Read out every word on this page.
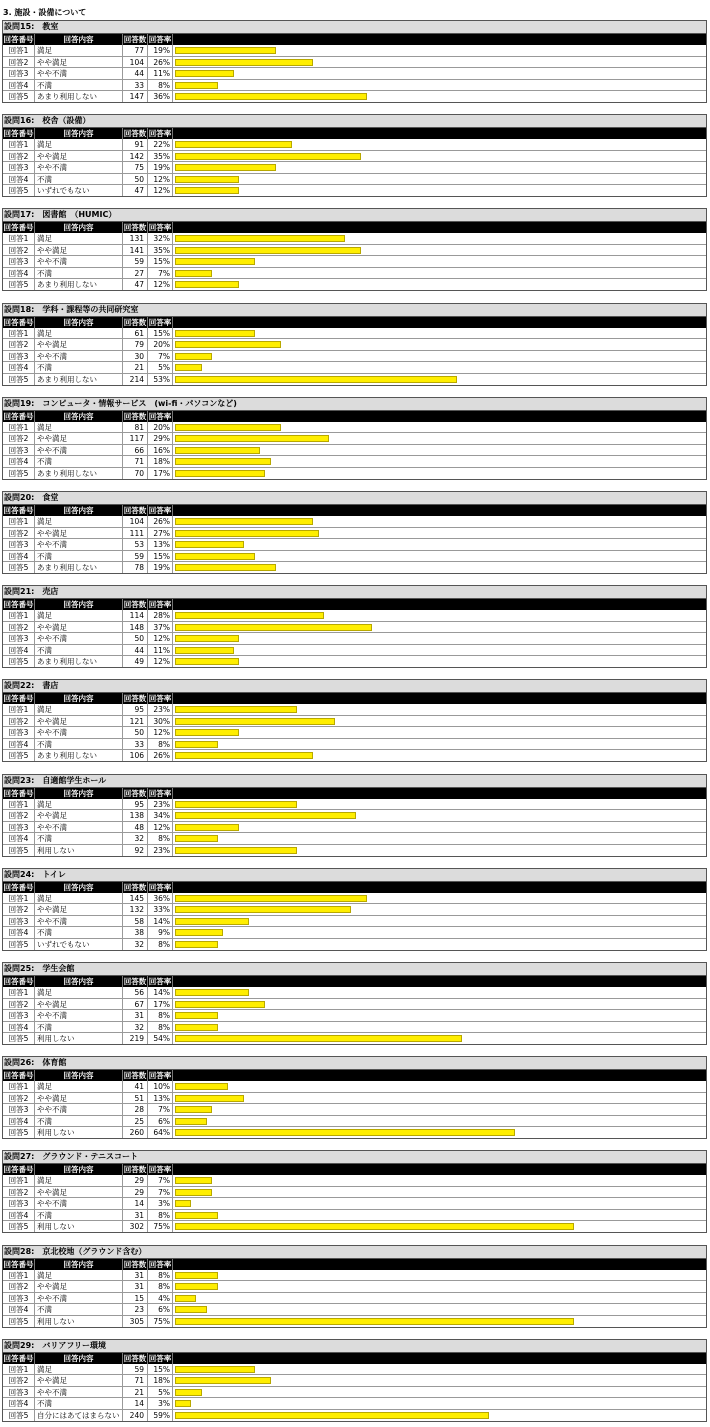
3. 施設・設備について
設問15:　教室
回答番号	回答内容	回答数 回答率
回答1	満足	77	19%
回答2	やや満足	104	26%
回答3	やや不満	44	11%
回答4	不満	33	8%
回答5	あまり利用しない	147	36%
設問16:　校舎（設備）
回答番号	回答内容	回答数 回答率
回答1	満足	91	22%
回答2	やや満足	142	35%
回答3	やや不満	75	19%
回答4	不満	50	12%
回答5	いずれでもない	47	12%
設問17:　図書館　（HUMIC）
回答番号	回答内容	回答数 回答率
回答1	満足	131	32%
回答2	やや満足	141	35%
回答3	やや不満	59	15%
回答4	不満	27	7%
回答5	あまり利用しない	47	12%
設問18:　学科・課程等の共同研究室
回答番号	回答内容	回答数 回答率
回答1	満足	61	15%
回答2	やや満足	79	20%
回答3	やや不満	30	7%
回答4	不満	21	5%
回答5	あまり利用しない	214	53%
設問19:　コンピュータ・情報サービス　(wi-fi・パソコンなど)
回答番号	回答内容	回答数 回答率
回答1	満足	81	20%
回答2	やや満足	117	29%
回答3	やや不満	66	16%
回答4	不満	71	18%
回答5	あまり利用しない	70	17%
設問20:　食堂
回答番号	回答内容	回答数 回答率
回答1	満足	104	26%
回答2	やや満足	111	27%
回答3	やや不満	53	13%
回答4	不満	59	15%
回答5	あまり利用しない	78	19%
設問21:　売店
回答番号	回答内容	回答数 回答率
回答1	満足	114	28%
回答2	やや満足	148	37%
回答3	やや不満	50	12%
回答4	不満	44	11%
回答5	あまり利用しない	49	12%
設問22:　書店
回答番号	回答内容	回答数 回答率
回答1	満足	95	23%
回答2	やや満足	121	30%
回答3	やや不満	50	12%
回答4	不満	33	8%
回答5	あまり利用しない	106	26%
設問23:　自適館学生ホール
回答番号	回答内容	回答数 回答率
回答1	満足	95	23%
回答2	やや満足	138	34%
回答3	やや不満	48	12%
回答4	不満	32	8%
回答5	利用しない	92	23%
設問24:　トイレ
回答番号	回答内容	回答数 回答率
回答1	満足	145	36%
回答2	やや満足	132	33%
回答3	やや不満	58	14%
回答4	不満	38	9%
回答5	いずれでもない	32	8%
設問25:　学生会館
回答番号	回答内容	回答数 回答率
回答1	満足	56	14%
回答2	やや満足	67	17%
回答3	やや不満	31	8%
回答4	不満	32	8%
回答5	利用しない	219	54%
設問26:　体育館
回答番号	回答内容	回答数 回答率
回答1	満足	41	10%
回答2	やや満足	51	13%
回答3	やや不満	28	7%
回答4	不満	25	6%
回答5	利用しない	260	64%
設問27:　グラウンド・テニスコート
回答番号	回答内容	回答数 回答率
回答1	満足	29	7%
回答2	やや満足	29	7%
回答3	やや不満	14	3%
回答4	不満	31	8%
回答5	利用しない	302	75%
設問28:　京北校地（グラウンド含む）
回答番号	回答内容	回答数 回答率
回答1	満足	31	8%
回答2	やや満足	31	8%
回答3	やや不満	15	4%
回答4	不満	23	6%
回答5	利用しない	305	75%
設問29:　バリアフリー環境
回答番号	回答内容	回答数 回答率
回答1	満足	59	15%
回答2	やや満足	71	18%
回答3	やや不満	21	5%
回答4	不満	14	3%
回答5	自分にはあてはまらない	240	59%
